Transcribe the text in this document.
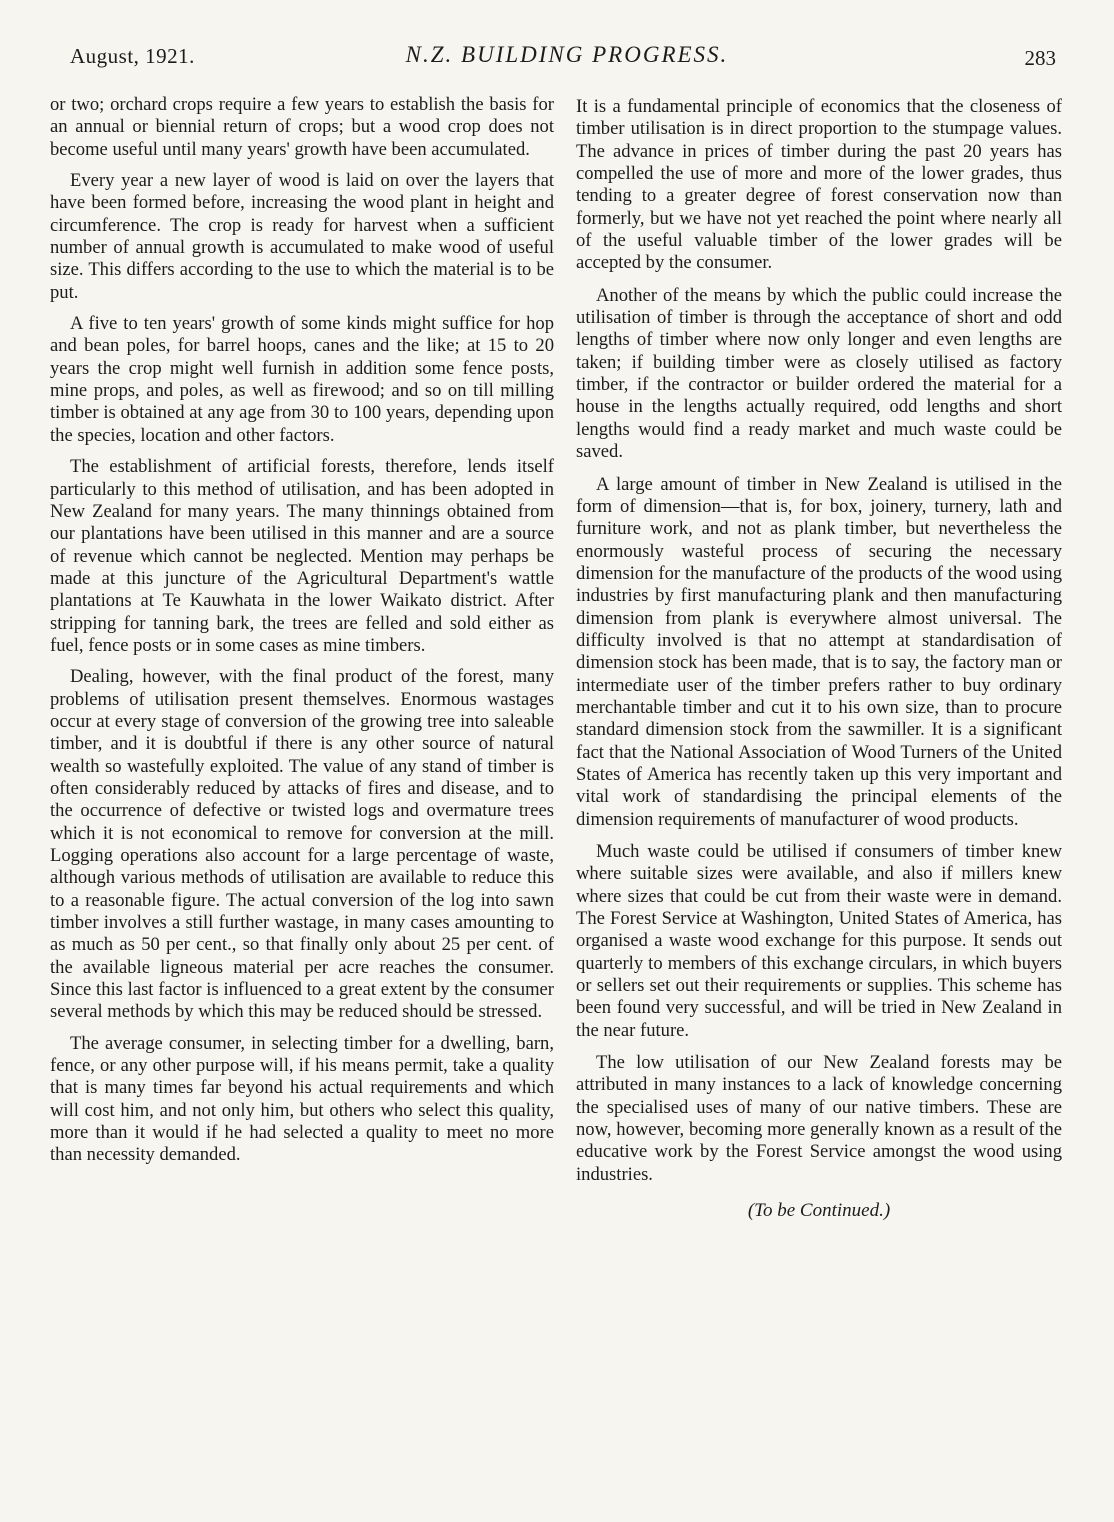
August, 1921.	N.Z. BUILDING PROGRESS.	283

or two; orchard crops require a few years to establish the basis for an annual or biennial return of crops; but a wood crop does not become useful until many years' growth have been accumulated.

Every year a new layer of wood is laid on over the layers that have been formed before, increasing the wood plant in height and circumference. The crop is ready for harvest when a sufficient number of annual growth is accumulated to make wood of useful size. This differs according to the use to which the material is to be put.

A five to ten years' growth of some kinds might suffice for hop and bean poles, for barrel hoops, canes and the like; at 15 to 20 years the crop might well furnish in addition some fence posts, mine props, and poles, as well as firewood; and so on till milling timber is obtained at any age from 30 to 100 years, depending upon the species, location and other factors.

The establishment of artificial forests, therefore, lends itself particularly to this method of utilisation, and has been adopted in New Zealand for many years. The many thinnings obtained from our plantations have been utilised in this manner and are a source of revenue which cannot be neglected. Mention may perhaps be made at this juncture of the Agricultural Department's wattle plantations at Te Kauwhata in the lower Waikato district. After stripping for tanning bark, the trees are felled and sold either as fuel, fence posts or in some cases as mine timbers.

Dealing, however, with the final product of the forest, many problems of utilisation present themselves. Enormous wastages occur at every stage of conversion of the growing tree into saleable timber, and it is doubtful if there is any other source of natural wealth so wastefully exploited. The value of any stand of timber is often considerably reduced by attacks of fires and disease, and to the occurrence of defective or twisted logs and overmature trees which it is not economical to remove for conversion at the mill. Logging operations also account for a large percentage of waste, although various methods of utilisation are available to reduce this to a reasonable figure. The actual conversion of the log into sawn timber involves a still further wastage, in many cases amounting to as much as 50 per cent., so that finally only about 25 per cent. of the available ligneous material per acre reaches the consumer. Since this last factor is influenced to a great extent by the consumer several methods by which this may be reduced should be stressed.

The average consumer, in selecting timber for a dwelling, barn, fence, or any other purpose will, if his means permit, take a quality that is many times far beyond his actual requirements and which will cost him, and not only him, but others who select this quality, more than it would if he had selected a quality to meet no more than necessity demanded.

It is a fundamental principle of economics that the closeness of timber utilisation is in direct proportion to the stumpage values. The advance in prices of timber during the past 20 years has compelled the use of more and more of the lower grades, thus tending to a greater degree of forest conservation now than formerly, but we have not yet reached the point where nearly all of the useful valuable timber of the lower grades will be accepted by the consumer.

Another of the means by which the public could increase the utilisation of timber is through the acceptance of short and odd lengths of timber where now only longer and even lengths are taken; if building timber were as closely utilised as factory timber, if the contractor or builder ordered the material for a house in the lengths actually required, odd lengths and short lengths would find a ready market and much waste could be saved.

A large amount of timber in New Zealand is utilised in the form of dimension—that is, for box, joinery, turnery, lath and furniture work, and not as plank timber, but nevertheless the enormously wasteful process of securing the necessary dimension for the manufacture of the products of the wood using industries by first manufacturing plank and then manufacturing dimension from plank is everywhere almost universal. The difficulty involved is that no attempt at standardisation of dimension stock has been made, that is to say, the factory man or intermediate user of the timber prefers rather to buy ordinary merchantable timber and cut it to his own size, than to procure standard dimension stock from the sawmiller. It is a significant fact that the National Association of Wood Turners of the United States of America has recently taken up this very important and vital work of standardising the principal elements of the dimension requirements of manufacturer of wood products.

Much waste could be utilised if consumers of timber knew where suitable sizes were available, and also if millers knew where sizes that could be cut from their waste were in demand. The Forest Service at Washington, United States of America, has organised a waste wood exchange for this purpose. It sends out quarterly to members of this exchange circulars, in which buyers or sellers set out their requirements or supplies. This scheme has been found very successful, and will be tried in New Zealand in the near future.

The low utilisation of our New Zealand forests may be attributed in many instances to a lack of knowledge concerning the specialised uses of many of our native timbers. These are now, however, becoming more generally known as a result of the educative work by the Forest Service amongst the wood using industries.

(To be Continued.)
